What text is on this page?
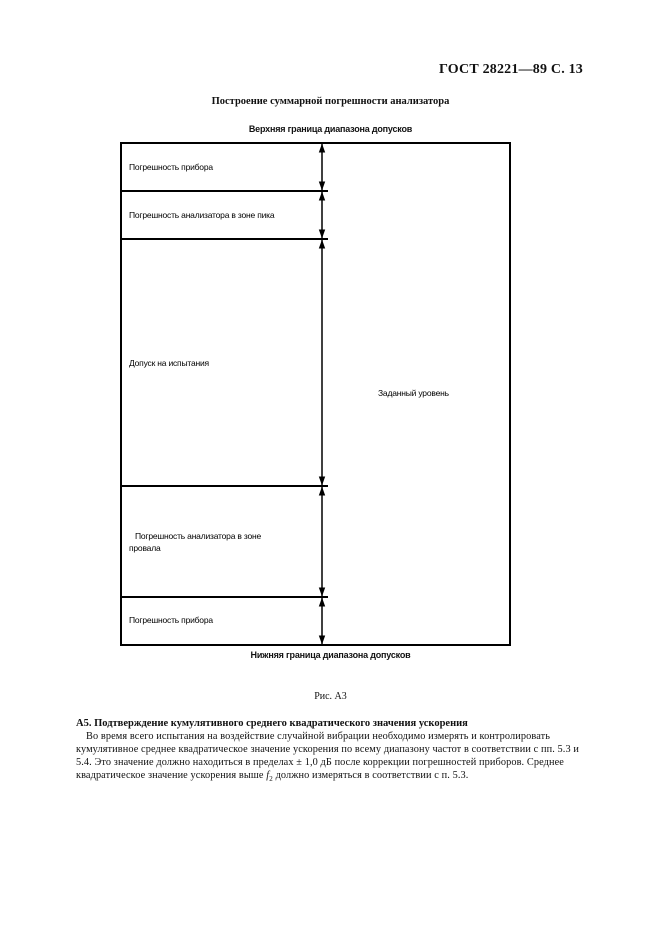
ГОСТ 28221—89 С. 13
Построение суммарной погрешности анализатора
Верхняя граница диапазона допусков
Погрешность прибора
Погрешность анализатора в зоне пика
Допуск на испытания
Погрешность анализатора в зоне
провала
Погрешность прибора
Заданный уровень
Нижняя граница диапазона допусков
Рис. А3
А5. Подтверждение кумулятивного среднего квадратического значения ускорения
Во время всего испытания на воздействие случайной вибрации необходимо измерять и контролировать
кумулятивное среднее квадратическое значение ускорения по всему диапазону частот в соответствии с пп. 5.3 и
5.4. Это значение должно находиться в пределах ± 1,0 дБ после коррекции погрешностей приборов. Среднее
квадратическое значение ускорения выше $f_2$ должно измеряться в соответствии с п. 5.3.
